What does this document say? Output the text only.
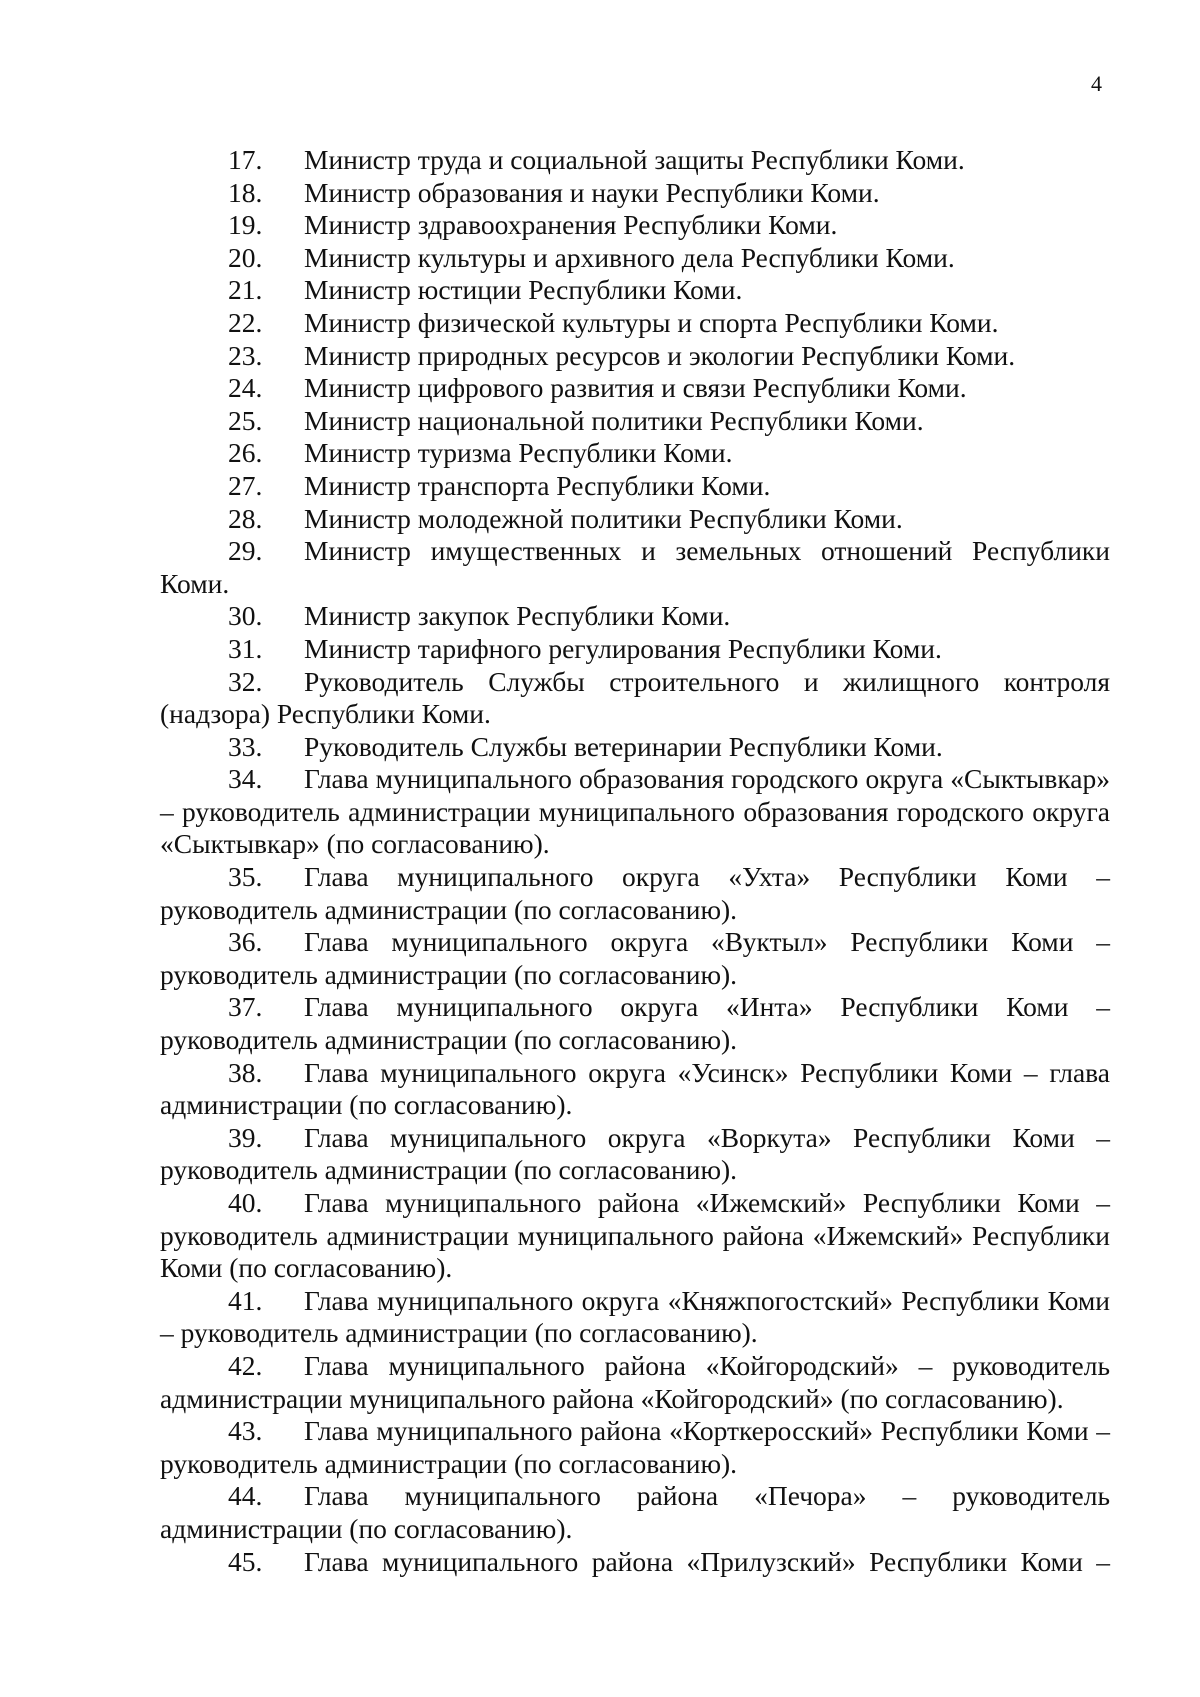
4

17. Министр труда и социальной защиты Республики Коми.

18. Министр образования и науки Республики Коми.

19. Министр здравоохранения Республики Коми.

20. Министр культуры и архивного дела Республики Коми.

21. Министр юстиции Республики Коми.

22. Министр физической культуры и спорта Республики Коми.

23. Министр природных ресурсов и экологии Республики Коми.

24. Министр цифрового развития и связи Республики Коми.

25. Министр национальной политики Республики Коми.

26. Министр туризма Республики Коми.

27. Министр транспорта Республики Коми.

28. Министр молодежной политики Республики Коми.

29. Министр имущественных и земельных отношений Республики Коми.

30. Министр закупок Республики Коми.

31. Министр тарифного регулирования Республики Коми.

32. Руководитель Службы строительного и жилищного контроля (надзора) Республики Коми.

33. Руководитель Службы ветеринарии Республики Коми.

34. Глава муниципального образования городского округа «Сыктывкар» – руководитель администрации муниципального образования городского округа «Сыктывкар» (по согласованию).

35. Глава муниципального округа «Ухта» Республики Коми – руководитель администрации (по согласованию).

36. Глава муниципального округа «Вуктыл» Республики Коми – руководитель администрации (по согласованию).

37. Глава муниципального округа «Инта» Республики Коми – руководитель администрации (по согласованию).

38. Глава муниципального округа «Усинск» Республики Коми – глава администрации (по согласованию).

39. Глава муниципального округа «Воркута» Республики Коми – руководитель администрации (по согласованию).

40. Глава муниципального района «Ижемский» Республики Коми – руководитель администрации муниципального района «Ижемский» Республики Коми (по согласованию).

41. Глава муниципального округа «Княжпогостский» Республики Коми – руководитель администрации (по согласованию).

42. Глава муниципального района «Койгородский» – руководитель администрации муниципального района «Койгородский» (по согласованию).

43. Глава муниципального района «Корткеросский» Республики Коми – руководитель администрации (по согласованию).

44. Глава муниципального района «Печора» – руководитель администрации (по согласованию).

45. Глава муниципального района «Прилузский» Республики Коми –
